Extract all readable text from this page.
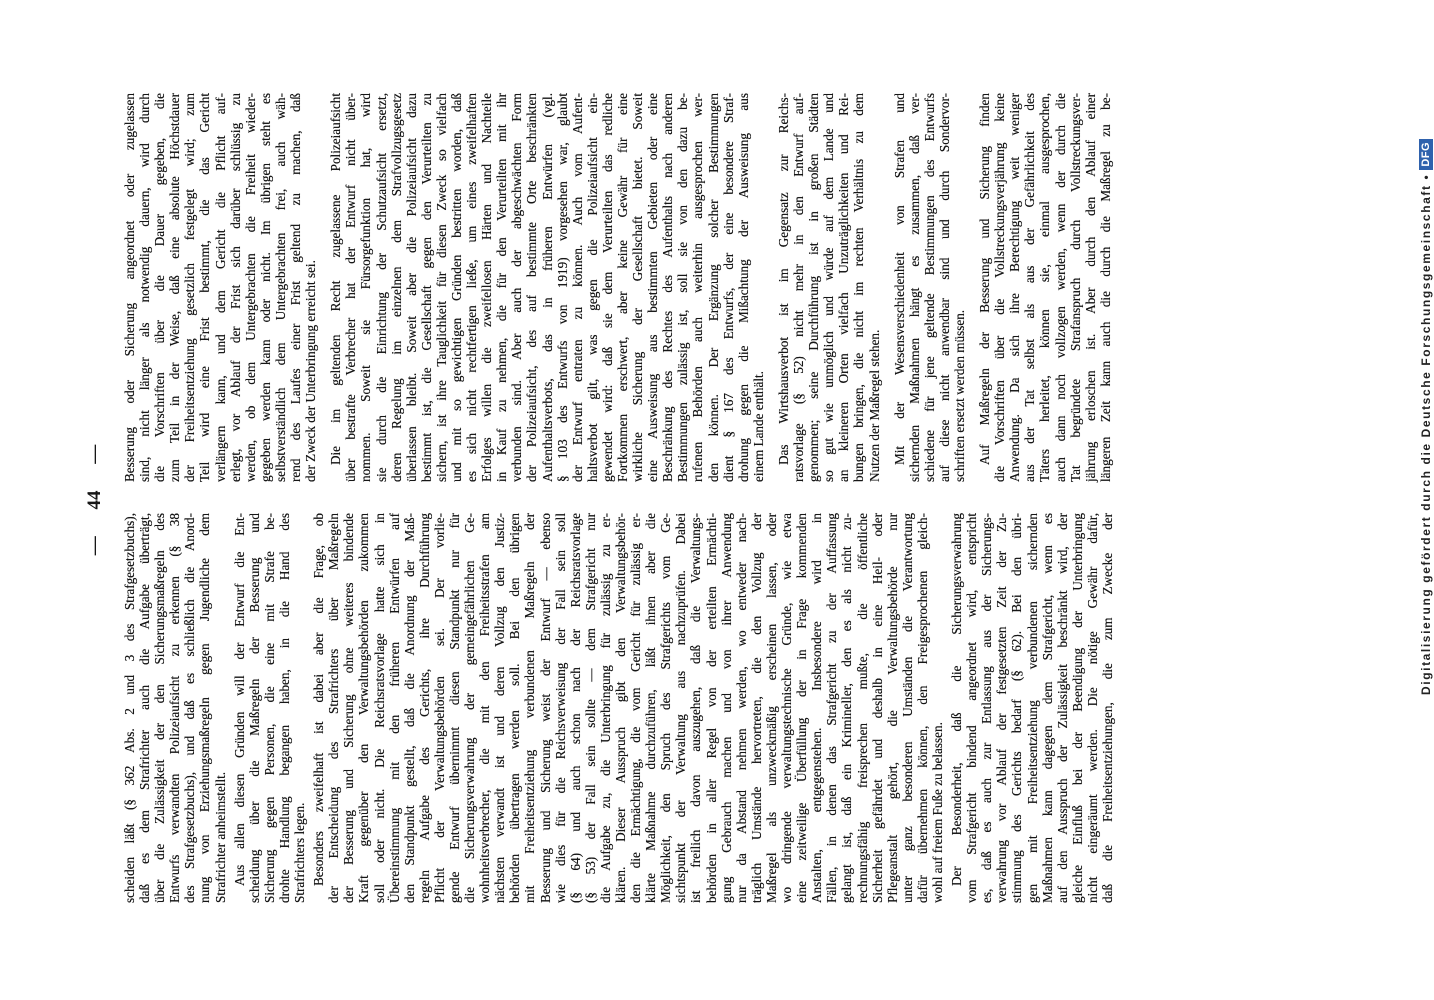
— 44 —
scheiden läßt (§ 362 Abs. 2 und 3 des Strafgesetzbuchs), daß es dem Strafrichter auch die Aufgabe überträgt, über die Zulässigkeit der den Sicherungsmaßregeln des Entwurfs verwandten Polizeiaufsicht zu erkennen (§ 38 des Strafgesetzbuchs), und daß es schließlich die Anord- nung von Erziehungsmaßregeln gegen Jugendliche dem Strafrichter anheimstellt. Aus allen diesen Gründen will der Entwurf die Ent- scheidung über die Maßregeln der Besserung und Sicherung gegen Personen, die eine mit Strafe be- drohte Handlung begangen haben, in die Hand des Strafrichters legen. Besonders zweifelhaft ist dabei aber die Frage, ob der Entscheidung des Strafrichters über Maßregeln der Besserung und Sicherung ohne weiteres bindende Kraft gegenüber den Verwaltungsbehörden zukommen soll oder nicht. Die Reichsratsvorlage hatte sich in Übereinstimmung mit den früheren Entwürfen auf den Standpunkt gestellt, daß die Anordnung der Maß- regeln Aufgabe des Gerichts, ihre Durchführung Pflicht der Verwaltungsbehörden sei. Der vorlie- gende Entwurf übernimmt diesen Standpunkt nur für die Sicherungsverwahrung der gemeingefährlichen Ge- wohnheitsverbrecher, die mit den Freiheitsstrafen am nächsten verwandt ist und deren Vollzug den Justiz- behörden übertragen werden soll. Bei den übrigen mit Freiheitsentziehung verbundenen Maßregeln der Besserung und Sicherung weist der Entwurf — ebenso wie dies für die Reichsverweisung der Fall sein soll (§ 64) und auch schon nach der Reichsratsvorlage (§ 53) der Fall sein sollte — dem Strafgericht nur die Aufgabe zu, die Unterbringung für zulässig zu er- klären. Dieser Ausspruch gibt den Verwaltungsbehör- den die Ermächtigung, die vom Gericht für zulässig er- klärte Maßnahme durchzuführen, läßt ihnen aber die Möglichkeit, den Spruch des Strafgerichts vom Ge- sichtspunkt der Verwaltung aus nachzuprüfen. Dabei ist freilich davon auszugehen, daß die Verwaltungs- behörden in aller Regel von der erteilten Ermächti- gung Gebrauch machen und von ihrer Anwendung nur da Abstand nehmen werden, wo entweder nach- träglich Umstände hervortreten, die den Vollzug der Maßregel als unzweckmäßig erscheinen lassen, oder wo dringende verwaltungstechnische Gründe, wie etwa eine zeitweilige Überfüllung der in Frage kommenden Anstalten, entgegenstehen. Insbesondere wird in Fällen, in denen das Strafgericht zu der Auffassung gelangt ist, daß ein Krimineller, den es als nicht zu- rechnungsfähig freisprechen mußte, die öffentliche Sicherheit gefährdet und deshalb in eine Heil- oder Pflegeanstalt gehört, die Verwaltungsbehörde nur unter ganz besonderen Umständen die Verantwortung dafür übernehmen können, den Freigesprochenen gleich- wohl auf freiem Fuße zu belassen. Der Besonderheit, daß die Sicherungsverwahrung vom Strafgericht bindend angeordnet wird, entspricht es, daß es auch zur Entlassung aus der Sicherungs- verwahrung vor Ablauf der festgesetzten Zeit der Zu- stimmung des Gerichts bedarf (§ 62). Bei den übri- gen mit Freiheitsentziehung verbundenen sichernden Maßnahmen kann dagegen dem Strafgericht, wenn es auf den Ausspruch der Zulässigkeit beschränkt wird, der gleiche Einfluß bei der Beendigung der Unterbringung nicht eingeräumt werden. Die nötige Gewähr dafür, daß die Freiheitsentziehungen, die zum Zwecke der
Besserung oder Sicherung angeordnet oder zugelassen sind, nicht länger als notwendig dauern, wird durch die Vorschriften über die Dauer gegeben, die zum Teil in der Weise, daß eine absolute Höchstdauer der Freiheitsentziehung gesetzlich festgelegt wird; zum Teil wird eine Frist bestimmt, die das Gericht verlängern kann, und dem Gericht die Pflicht auf- erlegt, vor Ablauf der Frist sich darüber schlüssig zu werden, ob dem Untergebrachten die Freiheit wieder- gegeben werden kann oder nicht. Im übrigen steht es selbstverständlich dem Untergebrachten frei, auch wäh- rend des Laufes einer Frist geltend zu machen, daß der Zweck der Unterbringung erreicht sei. Die im geltenden Recht zugelassene Polizeiaufsicht über bestrafte Verbrecher hat der Entwurf nicht über- nommen. Soweit sie Fürsorgefunktion hat, wird sie durch die Einrichtung der Schutzaufsicht ersetzt, deren Regelung im einzelnen dem Strafvollzugsgesetz überlassen bleibt. Soweit aber die Polizeiaufsicht dazu bestimmt ist, die Gesellschaft gegen den Verurteilten zu sichern, ist ihre Tauglichkeit für diesen Zweck so vielfach und mit so gewichtigen Gründen bestritten worden, daß es sich nicht rechtfertigen ließe, um eines zweifelhaften Erfolges willen die zweifellosen Härten und Nachteile in Kauf zu nehmen, die für den Verurteilten mit ihr verbunden sind. Aber auch der abgeschwächten Form der Polizeiaufsicht, des auf bestimmte Orte beschränkten Aufenthaltsverbots, das in früheren Entwürfen (vgl. § 103 des Entwurfs von 1919) vorgesehen war, glaubt der Entwurf entraten zu können. Auch vom Aufent- haltsverbot gilt, was gegen die Polizeiaufsicht ein- gewendet wird: daß sie dem Verurteilten das redliche Fortkommen erschwert, aber keine Gewähr für eine wirkliche Sicherung der Gesellschaft bietet. Soweit eine Ausweisung aus bestimmten Gebieten oder eine Beschränkung des Rechtes des Aufenthalts nach anderen Bestimmungen zulässig ist, soll sie von den dazu be- rufenen Behörden auch weiterhin ausgesprochen wer- den können. Der Ergänzung solcher Bestimmungen dient § 167 des Entwurfs, der eine besondere Straf- drohung gegen die Mißachtung der Ausweisung aus einem Lande enthält. Das Wirtshausverbot ist im Gegensatz zur Reichs- ratsvorlage (§ 52) nicht mehr in den Entwurf auf- genommen; seine Durchführung ist in großen Städten so gut wie unmöglich und würde auf dem Lande und an kleineren Orten vielfach Unzuträglichkeiten und Rei- bungen bringen, die nicht im rechten Verhältnis zu dem Nutzen der Maßregel stehen. Mit der Wesensverschiedenheit von Strafen und sichernden Maßnahmen hängt es zusammen, daß ver- schiedene für jene geltende Bestimmungen des Entwurfs auf diese nicht anwendbar sind und durch Sondervor- schriften ersetzt werden müssen. Auf Maßregeln der Besserung und Sicherung finden die Vorschriften über die Vollstreckungsverjährung keine Anwendung. Da sich ihre Berechtigung weit weniger aus der Tat selbst als aus der Gefährlichkeit des Täters herleitet, können sie, einmal ausgesprochen, auch dann noch vollzogen werden, wenn der durch die Tat begründete Strafanspruch durch Vollstreckungsver- jährung erloschen ist. Aber durch den Ablauf einer längeren Zeit kann auch die durch die Maßregel zu be-	Digitalisierung gefördert durch die Deutsche Forschungsgemeinschaft •DFG
